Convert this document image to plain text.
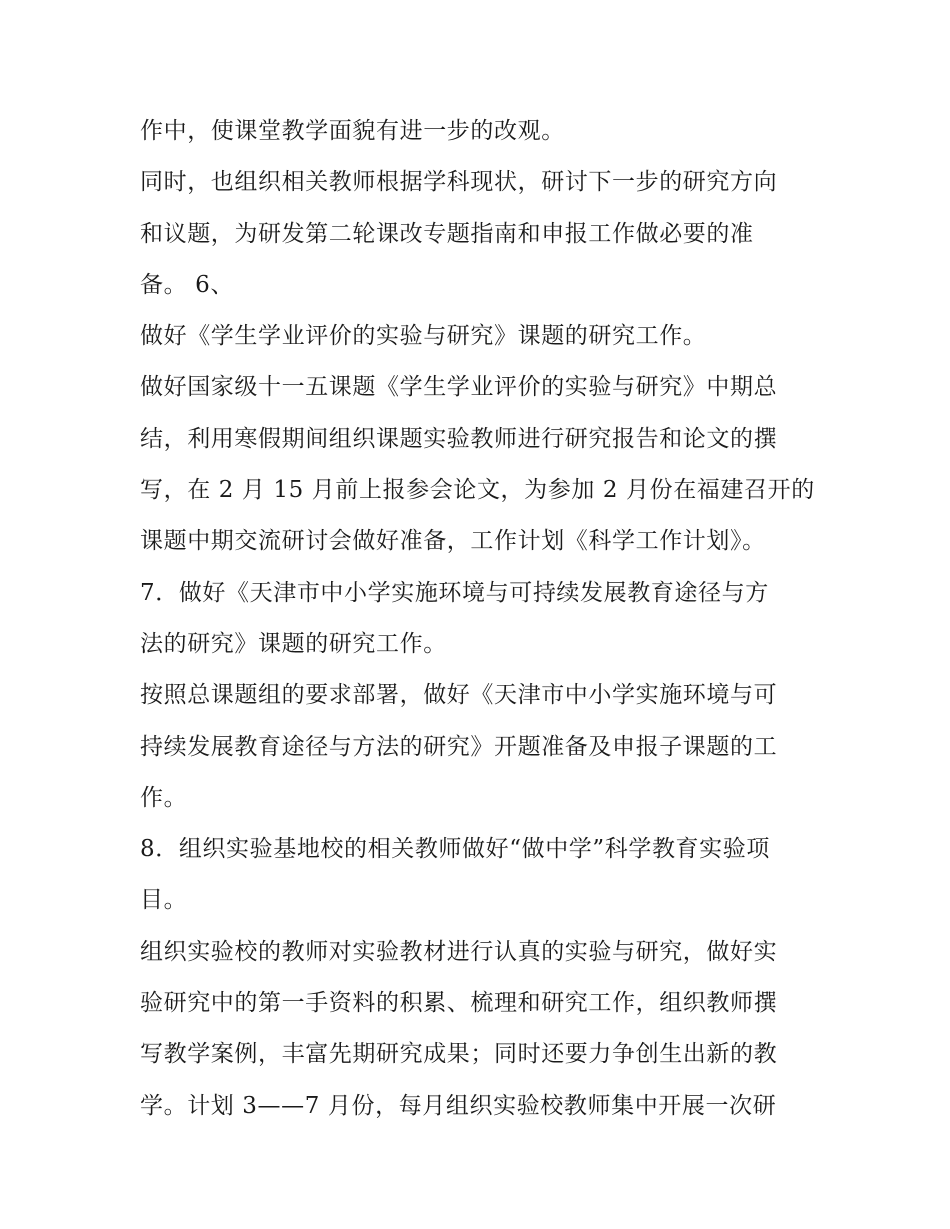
作中，使课堂教学面貌有进一步的改观。
同时，也组织相关教师根据学科现状，研讨下一步的研究方向
和议题，为研发第二轮课改专题指南和申报工作做必要的准
备。 6、
做好《学生学业评价的实验与研究》课题的研究工作。
做好国家级十一五课题《学生学业评价的实验与研究》中期总
结，利用寒假期间组织课题实验教师进行研究报告和论文的撰
写，在 2 月 15 月前上报参会论文，为参加 2 月份在福建召开的
课题中期交流研讨会做好准备，工作计划《科学工作计划》。
7．做好《天津市中小学实施环境与可持续发展教育途径与方
法的研究》课题的研究工作。
按照总课题组的要求部署，做好《天津市中小学实施环境与可
持续发展教育途径与方法的研究》开题准备及申报子课题的工
作。
8．组织实验基地校的相关教师做好“做中学”科学教育实验项
目。
组织实验校的教师对实验教材进行认真的实验与研究，做好实
验研究中的第一手资料的积累、梳理和研究工作，组织教师撰
写教学案例，丰富先期研究成果；同时还要力争创生出新的教
学。计划 3——7 月份，每月组织实验校教师集中开展一次研
